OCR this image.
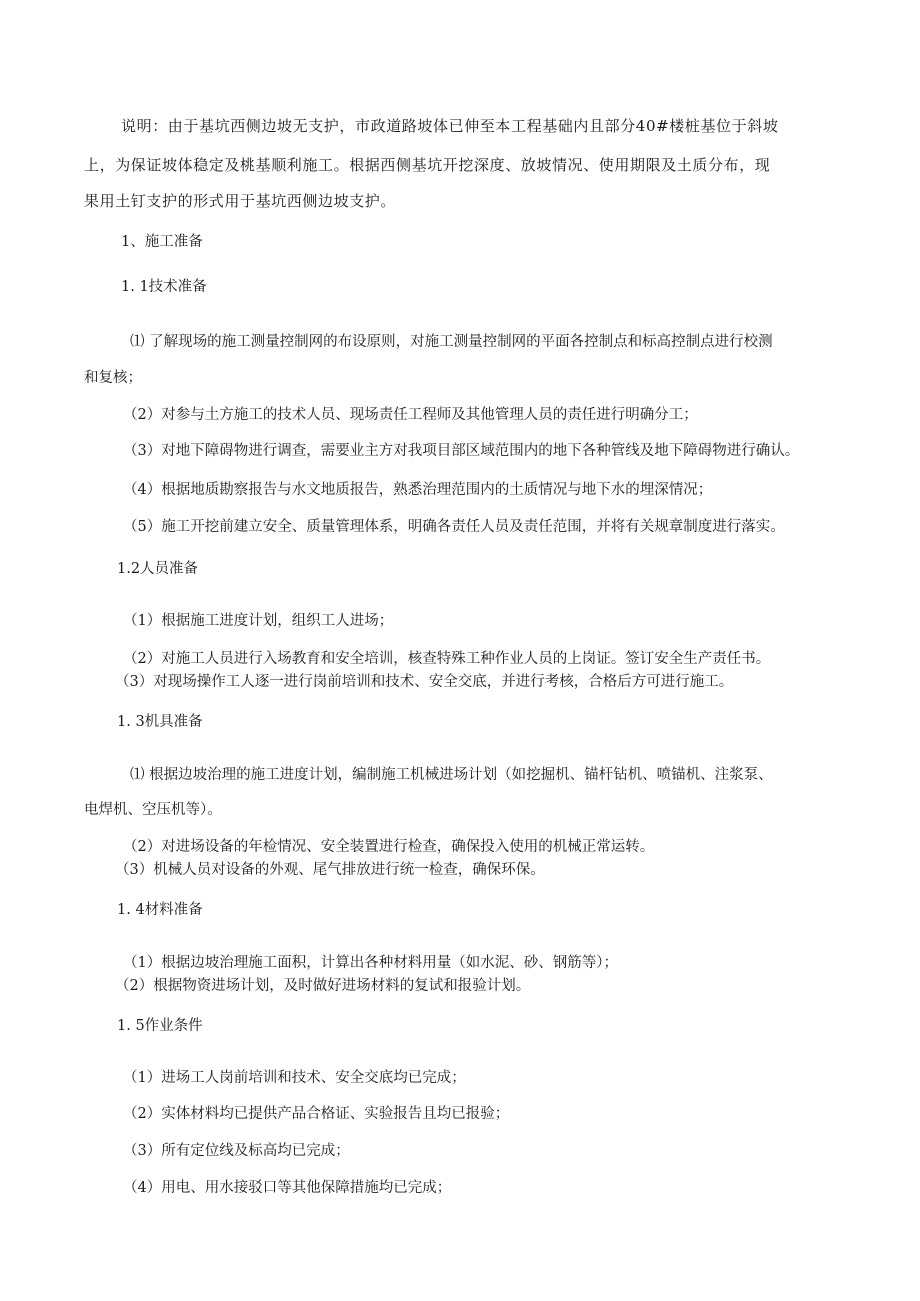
说明：由于基坑西侧边坡无支护，市政道路坡体已伸至本工程基础内且部分40#楼桩基位于斜坡
上，为保证坡体稳定及桃基顺利施工。根据西侧基坑开挖深度、放坡情况、使用期限及土质分布，现
果用土钉支护的形式用于基坑西侧边坡支护。
1、施工准备
1. 1技术准备
⑴ 了解现场的施工测量控制网的布设原则，对施工测量控制网的平面各控制点和标高控制点进行校测
和复核；
（2）对参与土方施工的技术人员、现场责任工程师及其他管理人员的责任进行明确分工；
（3）对地下障碍物进行调查，需要业主方对我项目部区域范围内的地下各种管线及地下障碍物进行确认。
（4）根据地质勘察报告与水文地质报告，熟悉治理范围内的土质情况与地下水的埋深情况；
（5）施工开挖前建立安全、质量管理体系，明确各责任人员及责任范围，并将有关规章制度进行落实。
1.2人员准备
（1）根据施工进度计划，组织工人进场；
（2）对施工人员进行入场教育和安全培训，核查特殊工种作业人员的上岗证。签订安全生产责任书。
（3）对现场操作工人逐一进行岗前培训和技术、安全交底，并进行考核，合格后方可进行施工。
1. 3机具准备
⑴ 根据边坡治理的施工进度计划，编制施工机械进场计划（如挖掘机、锚杆钻机、喷锚机、注浆泵、
电焊机、空压机等）。
（2）对进场设备的年检情况、安全装置进行检查，确保投入使用的机械正常运转。
（3）机械人员对设备的外观、尾气排放进行统一检查，确保环保。
1. 4材料准备
（1）根据边坡治理施工面积，计算出各种材料用量（如水泥、砂、钢筋等）；
（2）根据物资进场计划，及时做好进场材料的复试和报验计划。
1. 5作业条件
（1）进场工人岗前培训和技术、安全交底均已完成；
（2）实体材料均已提供产品合格证、实验报告且均已报验；
（3）所有定位线及标高均已完成；
（4）用电、用水接驳口等其他保障措施均已完成；
